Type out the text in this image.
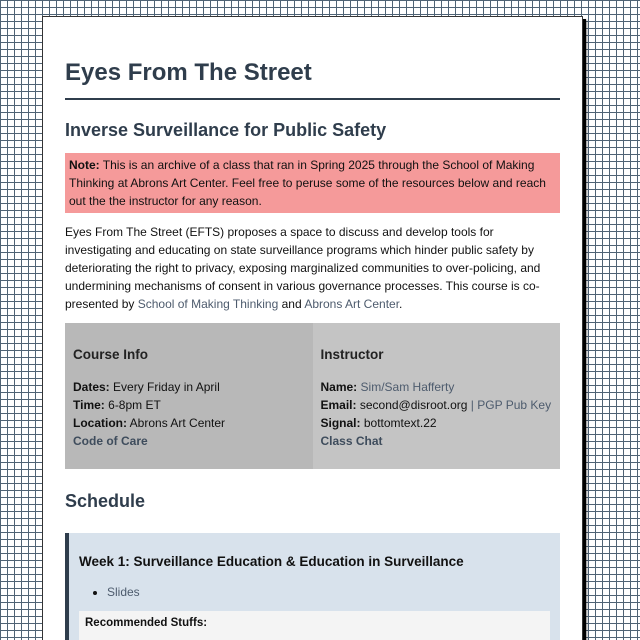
Eyes From The Street
Inverse Surveillance for Public Safety
Note: This is an archive of a class that ran in Spring 2025 through the School of Making Thinking at Abrons Art Center. Feel free to peruse some of the resources below and reach out the the instructor for any reason.

Eyes From The Street (EFTS) proposes a space to discuss and develop tools for investigating and educating on state surveillance programs which hinder public safety by deteriorating the right to privacy, exposing marginalized communities to over-policing, and undermining mechanisms of consent in various governance processes. This course is co-presented by School of Making Thinking and Abrons Art Center.

Course Info
Dates: Every Friday in April
Time: 6-8pm ET
Location: Abrons Art Center
Code of Care
Instructor
Name: Sim/Sam Hafferty
Email: second@disroot.org | PGP Pub Key
Signal: bottomtext.22
Class Chat
Schedule
Week 1: Surveillance Education & Education in Surveillance
• Slides
Recommended Stuffs:
